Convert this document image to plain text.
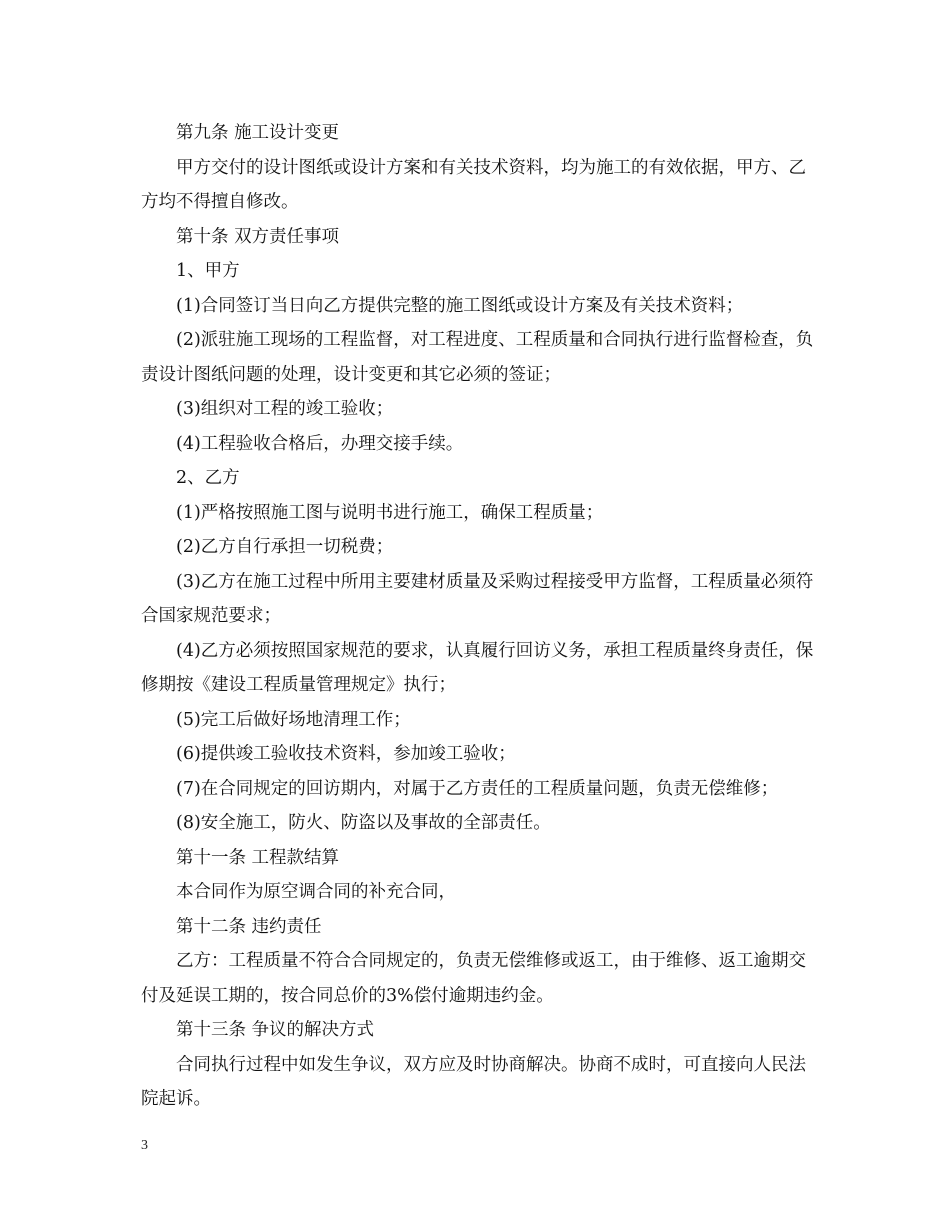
第九条 施工设计变更

甲方交付的设计图纸或设计方案和有关技术资料，均为施工的有效依据，甲方、乙方均不得擅自修改。

第十条 双方责任事项

1、甲方

(1)合同签订当日向乙方提供完整的施工图纸或设计方案及有关技术资料；

(2)派驻施工现场的工程监督，对工程进度、工程质量和合同执行进行监督检查，负责设计图纸问题的处理，设计变更和其它必须的签证；

(3)组织对工程的竣工验收；

(4)工程验收合格后，办理交接手续。

2、乙方

(1)严格按照施工图与说明书进行施工，确保工程质量；

(2)乙方自行承担一切税费；

(3)乙方在施工过程中所用主要建材质量及采购过程接受甲方监督，工程质量必须符合国家规范要求；

(4)乙方必须按照国家规范的要求，认真履行回访义务，承担工程质量终身责任，保修期按《建设工程质量管理规定》执行；

(5)完工后做好场地清理工作；

(6)提供竣工验收技术资料，参加竣工验收；

(7)在合同规定的回访期内，对属于乙方责任的工程质量问题，负责无偿维修；

(8)安全施工，防火、防盗以及事故的全部责任。

第十一条 工程款结算

本合同作为原空调合同的补充合同，

第十二条 违约责任

乙方：工程质量不符合合同规定的，负责无偿维修或返工，由于维修、返工逾期交付及延误工期的，按合同总价的3%偿付逾期违约金。

第十三条 争议的解决方式

合同执行过程中如发生争议，双方应及时协商解决。协商不成时，可直接向人民法院起诉。

3
